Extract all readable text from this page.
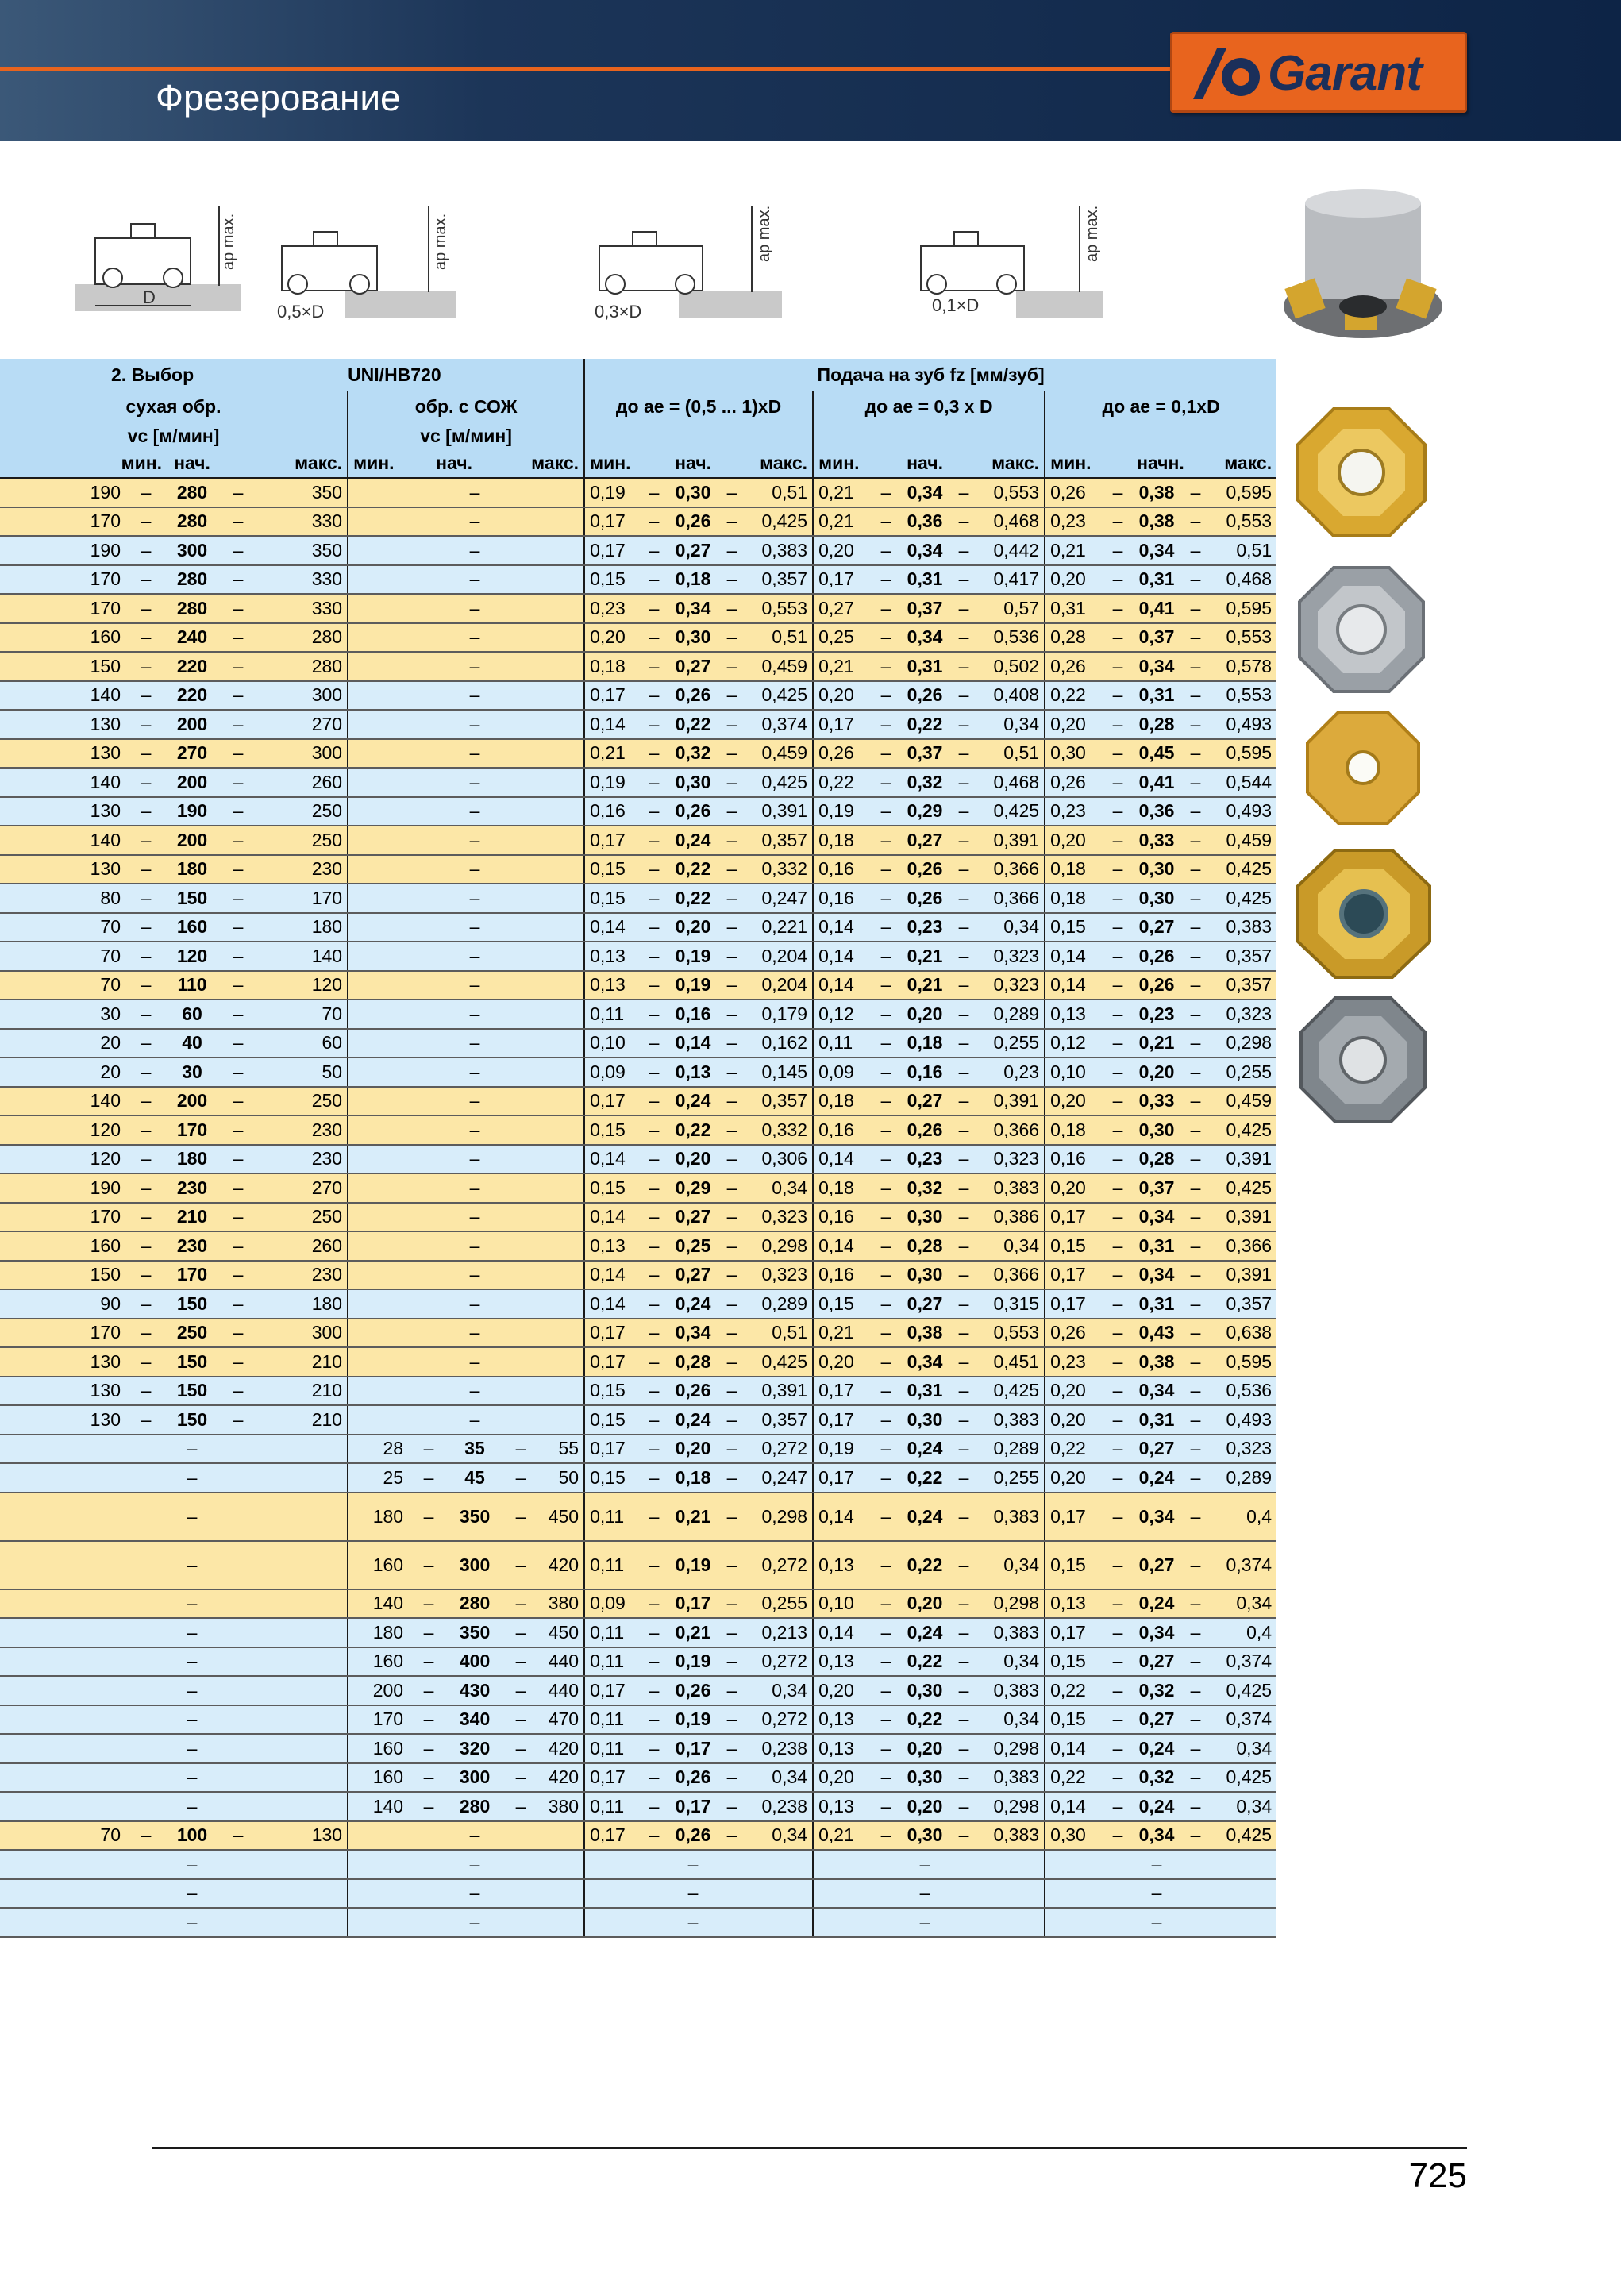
Фрезерование	Garant
D
ap max.
0,5×D
ap max.
0,3×D
ap max.
0,1×D
ap max.
2. Выбор					UNI/HB720					Подача на зуб fz [мм/зуб]														
сухая обр.					обр. с СОЖ					до ae = (0,5 ... 1)xD					до ae = 0,3 x D					до ae = 0,1xD				
vc [м/мин]					vc [м/мин]																			
мин.		нач.	макс.		мин.	нач.		макс.		мин.		нач.	макс.		мин.		нач.	макс.		мин.		начн.	макс.	
190	–	280	–	350			–			0,19	–	0,30	–	0,51	0,21	–	0,34	–	0,553	0,26	–	0,38	–	0,595
170	–	280	–	330			–			0,17	–	0,26	–	0,425	0,21	–	0,36	–	0,468	0,23	–	0,38	–	0,553
190	–	300	–	350			–			0,17	–	0,27	–	0,383	0,20	–	0,34	–	0,442	0,21	–	0,34	–	0,51
170	–	280	–	330			–			0,15	–	0,18	–	0,357	0,17	–	0,31	–	0,417	0,20	–	0,31	–	0,468
170	–	280	–	330			–			0,23	–	0,34	–	0,553	0,27	–	0,37	–	0,57	0,31	–	0,41	–	0,595
160	–	240	–	280			–			0,20	–	0,30	–	0,51	0,25	–	0,34	–	0,536	0,28	–	0,37	–	0,553
150	–	220	–	280			–			0,18	–	0,27	–	0,459	0,21	–	0,31	–	0,502	0,26	–	0,34	–	0,578
140	–	220	–	300			–			0,17	–	0,26	–	0,425	0,20	–	0,26	–	0,408	0,22	–	0,31	–	0,553
130	–	200	–	270			–			0,14	–	0,22	–	0,374	0,17	–	0,22	–	0,34	0,20	–	0,28	–	0,493
130	–	270	–	300			–			0,21	–	0,32	–	0,459	0,26	–	0,37	–	0,51	0,30	–	0,45	–	0,595
140	–	200	–	260			–			0,19	–	0,30	–	0,425	0,22	–	0,32	–	0,468	0,26	–	0,41	–	0,544
130	–	190	–	250			–			0,16	–	0,26	–	0,391	0,19	–	0,29	–	0,425	0,23	–	0,36	–	0,493
140	–	200	–	250			–			0,17	–	0,24	–	0,357	0,18	–	0,27	–	0,391	0,20	–	0,33	–	0,459
130	–	180	–	230			–			0,15	–	0,22	–	0,332	0,16	–	0,26	–	0,366	0,18	–	0,30	–	0,425
80	–	150	–	170			–			0,15	–	0,22	–	0,247	0,16	–	0,26	–	0,366	0,18	–	0,30	–	0,425
70	–	160	–	180			–			0,14	–	0,20	–	0,221	0,14	–	0,23	–	0,34	0,15	–	0,27	–	0,383
70	–	120	–	140			–			0,13	–	0,19	–	0,204	0,14	–	0,21	–	0,323	0,14	–	0,26	–	0,357
70	–	110	–	120			–			0,13	–	0,19	–	0,204	0,14	–	0,21	–	0,323	0,14	–	0,26	–	0,357
30	–	60	–	70			–			0,11	–	0,16	–	0,179	0,12	–	0,20	–	0,289	0,13	–	0,23	–	0,323
20	–	40	–	60			–			0,10	–	0,14	–	0,162	0,11	–	0,18	–	0,255	0,12	–	0,21	–	0,298
20	–	30	–	50			–			0,09	–	0,13	–	0,145	0,09	–	0,16	–	0,23	0,10	–	0,20	–	0,255
140	–	200	–	250			–			0,17	–	0,24	–	0,357	0,18	–	0,27	–	0,391	0,20	–	0,33	–	0,459
120	–	170	–	230			–			0,15	–	0,22	–	0,332	0,16	–	0,26	–	0,366	0,18	–	0,30	–	0,425
120	–	180	–	230			–			0,14	–	0,20	–	0,306	0,14	–	0,23	–	0,323	0,16	–	0,28	–	0,391
190	–	230	–	270			–			0,15	–	0,29	–	0,34	0,18	–	0,32	–	0,383	0,20	–	0,37	–	0,425
170	–	210	–	250			–			0,14	–	0,27	–	0,323	0,16	–	0,30	–	0,386	0,17	–	0,34	–	0,391
160	–	230	–	260			–			0,13	–	0,25	–	0,298	0,14	–	0,28	–	0,34	0,15	–	0,31	–	0,366
150	–	170	–	230			–			0,14	–	0,27	–	0,323	0,16	–	0,30	–	0,366	0,17	–	0,34	–	0,391
90	–	150	–	180			–			0,14	–	0,24	–	0,289	0,15	–	0,27	–	0,315	0,17	–	0,31	–	0,357
170	–	250	–	300			–			0,17	–	0,34	–	0,51	0,21	–	0,38	–	0,553	0,26	–	0,43	–	0,638
130	–	150	–	210			–			0,17	–	0,28	–	0,425	0,20	–	0,34	–	0,451	0,23	–	0,38	–	0,595
130	–	150	–	210			–			0,15	–	0,26	–	0,391	0,17	–	0,31	–	0,425	0,20	–	0,34	–	0,536
130	–	150	–	210			–			0,15	–	0,24	–	0,357	0,17	–	0,30	–	0,383	0,20	–	0,31	–	0,493
		–			28	–	35	–	55	0,17	–	0,20	–	0,272	0,19	–	0,24	–	0,289	0,22	–	0,27	–	0,323
		–			25	–	45	–	50	0,15	–	0,18	–	0,247	0,17	–	0,22	–	0,255	0,20	–	0,24	–	0,289
		–			180	–	350	–	450	0,11	–	0,21	–	0,298	0,14	–	0,24	–	0,383	0,17	–	0,34	–	0,4
		–			160	–	300	–	420	0,11	–	0,19	–	0,272	0,13	–	0,22	–	0,34	0,15	–	0,27	–	0,374
		–			140	–	280	–	380	0,09	–	0,17	–	0,255	0,10	–	0,20	–	0,298	0,13	–	0,24	–	0,34
		–			180	–	350	–	450	0,11	–	0,21	–	0,213	0,14	–	0,24	–	0,383	0,17	–	0,34	–	0,4
		–			160	–	400	–	440	0,11	–	0,19	–	0,272	0,13	–	0,22	–	0,34	0,15	–	0,27	–	0,374
		–			200	–	430	–	440	0,17	–	0,26	–	0,34	0,20	–	0,30	–	0,383	0,22	–	0,32	–	0,425
		–			170	–	340	–	470	0,11	–	0,19	–	0,272	0,13	–	0,22	–	0,34	0,15	–	0,27	–	0,374
		–			160	–	320	–	420	0,11	–	0,17	–	0,238	0,13	–	0,20	–	0,298	0,14	–	0,24	–	0,34
		–			160	–	300	–	420	0,17	–	0,26	–	0,34	0,20	–	0,30	–	0,383	0,22	–	0,32	–	0,425
		–			140	–	280	–	380	0,11	–	0,17	–	0,238	0,13	–	0,20	–	0,298	0,14	–	0,24	–	0,34
70	–	100	–	130			–			0,17	–	0,26	–	0,34	0,21	–	0,30	–	0,383	0,30	–	0,34	–	0,425
		–					–					–					–					–		
		–					–					–					–					–		
		–					–					–					–					–		
725
